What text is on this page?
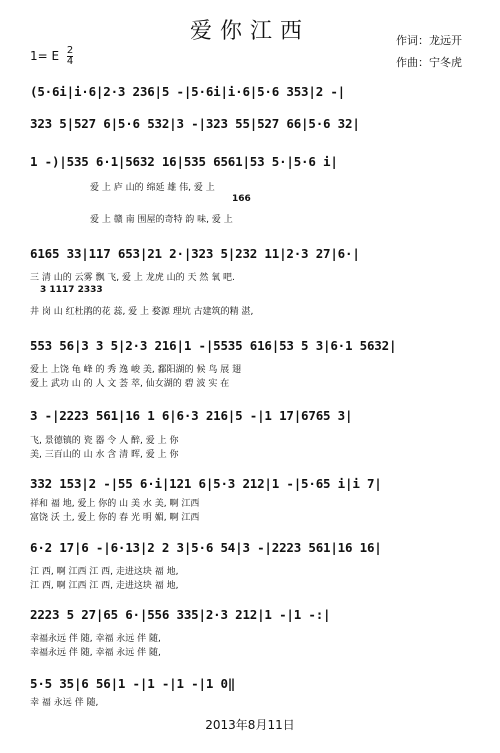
爱你江西	作词：龙远开
作曲：宁冬虎
1= E $\frac{2}{4}$
(5·6i|i·6|2·3 236|5 -|5·6i|i·6|5·6 353|2 -|
323 5|527 6|5·6 532|3 -|323 55|527 66|5·6 32|
1 -)|535 6·1|5632 16|535 6561|53 5·|5·6 i|
爱 上 庐 山的 绵延 雄 伟, 爱 上
166
爱 上 赣 南 围屋的奇特 韵 味, 爱 上
6165 33|117 653|21 2·|323 5|232 11|2·3 27|6·|
三 清 山的 云雾 飘 飞, 爱 上 龙虎 山的 天 然 氧 吧.
3 1117 2333
井 岗 山 红杜鹃的花 蕊, 爱 上 婺源 理坑 古建筑的精 湛,
553 56|3 3 5|2·3 216|1 -|5535 616|53 5 3|6·1 5632|
爱上 上饶 龟 峰 的 秀 逸 峻 美, 鄱阳湖的 候 鸟 展 翅
爱上 武功 山 的 人 文 荟 萃, 仙女湖的 碧 波 实 在
3 -|2223 561|16 1 6|6·3 216|5 -|1 17|6765 3|
飞, 景德镇的 瓷 器 令 人 醉, 爱 上 你
美, 三百山的 山 水 含 清 晖, 爱 上 你
332 153|2 -|55 6·i|121 6|5·3 212|1 -|5·65 i|i 7|
祥和 福 地, 爱上 你的 山 美 水 美, 啊 江西
富饶 沃 土, 爱上 你的 春 光 明 媚, 啊 江西
6·2 17|6 -|6·13|2 2 3|5·6 54|3 -|2223 561|16 16|
江 西, 啊 江西 江 西, 走进这块 福 地,
江 西, 啊 江西 江 西, 走进这块 福 地,
2223 5 27|65 6·|556 335|2·3 212|1 -|1 -:|
幸福永远 伴 随, 幸福 永远 伴 随,
幸福永远 伴 随, 幸福 永远 伴 随,
5·5 35|6 56|1 -|1 -|1 -|1 0‖
幸 福 永远 伴 随,
2013年8月11日
